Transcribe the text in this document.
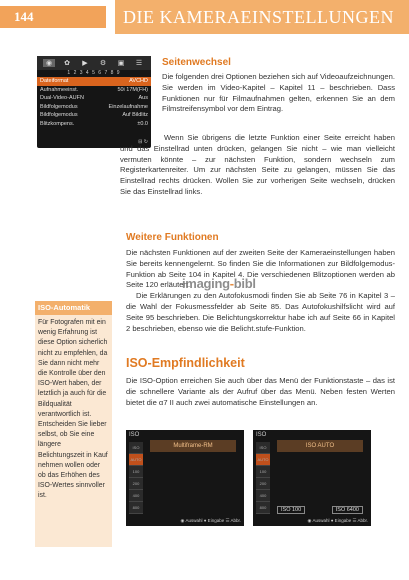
144	DIE KAMERAEINSTELLUNGEN
◉	✿	▶	⚙	▣	☰
1 2 3 4 5 6 7 8 9
Dateiformat	AVCHD
Aufnahmeeinst.	50i 17M(FH)
Dual-Video-AUFN	Aus
Bildfolgemodus	Einzelaufnahme
Bildfolgemodus	Auf Bildlitz
Blitzkompens.	±0.0
⊟ ↻
Seitenwechsel

Die folgenden drei Optionen beziehen sich auf Videoaufzeichnungen. Sie werden im Video-Kapitel – Kapitel 11 – beschrieben. Dass Funktionen nur für Filmaufnahmen gelten, erkennen Sie an dem Filmstreifensymbol vor dem Eintrag.

Wenn Sie übrigens die letzte Funktion einer Seite erreicht haben und das Einstellrad unten drücken, gelangen Sie nicht – wie man vielleicht vermuten könnte – zur nächsten Funktion, sondern wechseln zum Registerkartenreiter. Um zur nächsten Seite zu gelangen, müssen Sie das Einstellrad rechts drücken. Wollen Sie zur vorherigen Seite wechseln, drücken Sie das Einstellrad links.

Weitere Funktionen

Die nächsten Funktionen auf der zweiten Seite der Kameraeinstellungen haben Sie bereits kennengelernt. So finden Sie die Informationen zur Bildfolgemodus-Funktion ab Seite 104 in Kapitel 4. Die verschiedenen Blitzoptionen werden ab Seite 120 erläutert.

Die Erklärungen zu den Autofokusmodi finden Sie ab Seite 76 in Kapitel 3 – die Wahl der Fokusmessfelder ab Seite 85. Das Autofokushilfslicht wird auf Seite 95 beschrieben. Die Belichtungskorrektur habe ich auf Seite 66 in Kapitel 2 beschrieben, ebenso wie die Belicht.stufe-Funktion.

imaging-bibl
ISO-Automatik
Für Fotografen mit ein wenig Erfahrung ist diese Option sicherlich nicht zu empfehlen, da Sie dann nicht mehr die Kontrolle über den ISO-Wert haben, der letztlich ja auch für die Bildqualität verantwortlich ist. Entscheiden Sie lieber selbst, ob Sie eine längere Belichtungszeit in Kauf nehmen wollen oder ob das Erhöhen des ISO-Wertes sinnvoller ist.
ISO-Empfindlichkeit

Die ISO-Option erreichen Sie auch über das Menü der Funktionstaste – das ist die schnellere Variante als der Aufruf über das Menü. Neben festen Werten bietet die α7 II auch zwei automatische Einstellungen an.

ISO
ISO
AUTO
100
200
400
800
Multiframe-RM
◉ Auswahl ● Eingabe ☰ Abbr.
ISO
ISO
AUTO
100
200
400
800
ISO AUTO
ISO 100	ISO 6400
◉ Auswahl ● Eingabe ☰ Abbr.
